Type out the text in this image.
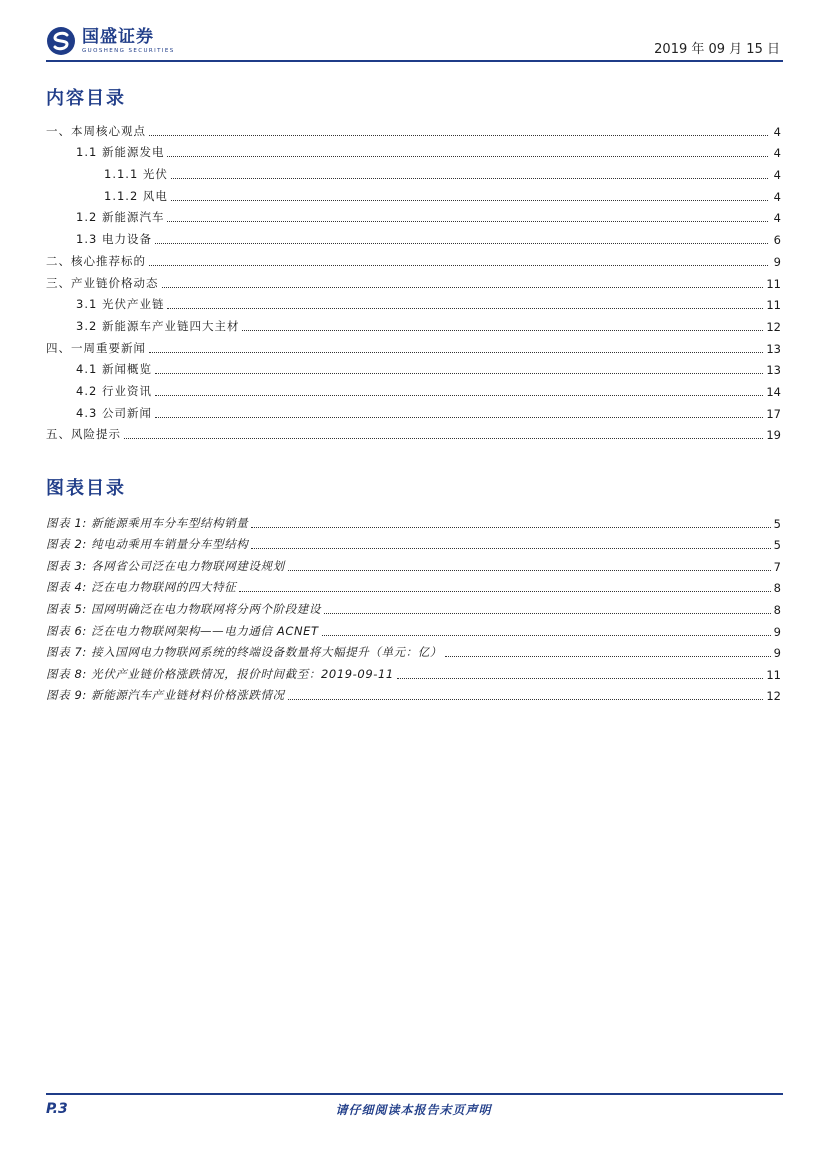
国盛证券
GUOSHENG SECURITIES	2019 年 09 月 15 日
内容目录
一、本周核心观点	4
1.1 新能源发电	4
1.1.1 光伏	4
1.1.2 风电	4
1.2 新能源汽车	4
1.3 电力设备	6
二、核心推荐标的	9
三、产业链价格动态	11
3.1 光伏产业链	11
3.2 新能源车产业链四大主材	12
四、一周重要新闻	13
4.1 新闻概览	13
4.2 行业资讯	14
4.3 公司新闻	17
五、风险提示	19
图表目录
图表 1: 新能源乘用车分车型结构销量	5
图表 2: 纯电动乘用车销量分车型结构	5
图表 3: 各网省公司泛在电力物联网建设规划	7
图表 4: 泛在电力物联网的四大特征	8
图表 5: 国网明确泛在电力物联网将分两个阶段建设	8
图表 6: 泛在电力物联网架构——电力通信 ACNET	9
图表 7: 接入国网电力物联网系统的终端设备数量将大幅提升（单元：亿）	9
图表 8: 光伏产业链价格涨跌情况，报价时间截至：2019-09-11	11
图表 9: 新能源汽车产业链材料价格涨跌情况	12
P.3	请仔细阅读本报告末页声明
